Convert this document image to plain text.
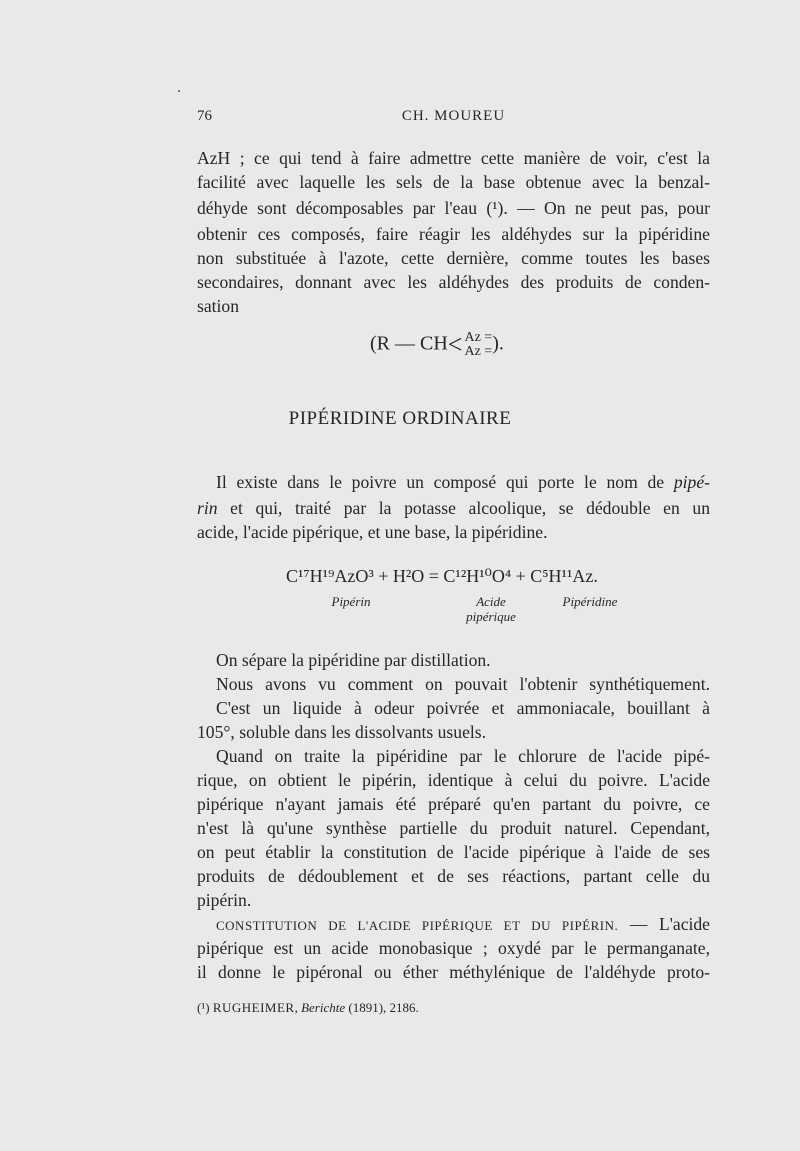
76	CH. MOUREU
AzH ; ce qui tend à faire admettre cette manière de voir, c'est la
facilité avec laquelle les sels de la base obtenue avec la benzal-
déhyde sont décomposables par l'eau (¹). — On ne peut pas, pour
obtenir ces composés, faire réagir les aldéhydes sur la pipéridine
non substituée à l'azote, cette dernière, comme toutes les bases
secondaires, donnant avec les aldéhydes des produits de conden-
sation
(R — CH< Az =
Az =).
PIPÉRIDINE ORDINAIRE
Il existe dans le poivre un composé qui porte le nom de pipé-
rin et qui, traité par la potasse alcoolique, se dédouble en un
acide, l'acide pipérique, et une base, la pipéridine.
C¹⁷H¹⁹AzO³ + H²O = C¹²H¹⁰O⁴ + C⁵H¹¹Az.
Pipérin	Acide
pipérique
Pipéridine
On sépare la pipéridine par distillation.
Nous avons vu comment on pouvait l'obtenir synthétiquement.
C'est un liquide à odeur poivrée et ammoniacale, bouillant à
105°, soluble dans les dissolvants usuels.
Quand on traite la pipéridine par le chlorure de l'acide pipé-
rique, on obtient le pipérin, identique à celui du poivre. L'acide
pipérique n'ayant jamais été préparé qu'en partant du poivre, ce
n'est là qu'une synthèse partielle du produit naturel. Cependant,
on peut établir la constitution de l'acide pipérique à l'aide de ses
produits de dédoublement et de ses réactions, partant celle du
pipérin.
CONSTITUTION DE L'ACIDE PIPÉRIQUE ET DU PIPÉRIN. — L'acide
pipérique est un acide monobasique ; oxydé par le permanganate,
il donne le pipéronal ou éther méthylénique de l'aldéhyde proto-
(¹) RUGHEIMER, Berichte (1891), 2186.
